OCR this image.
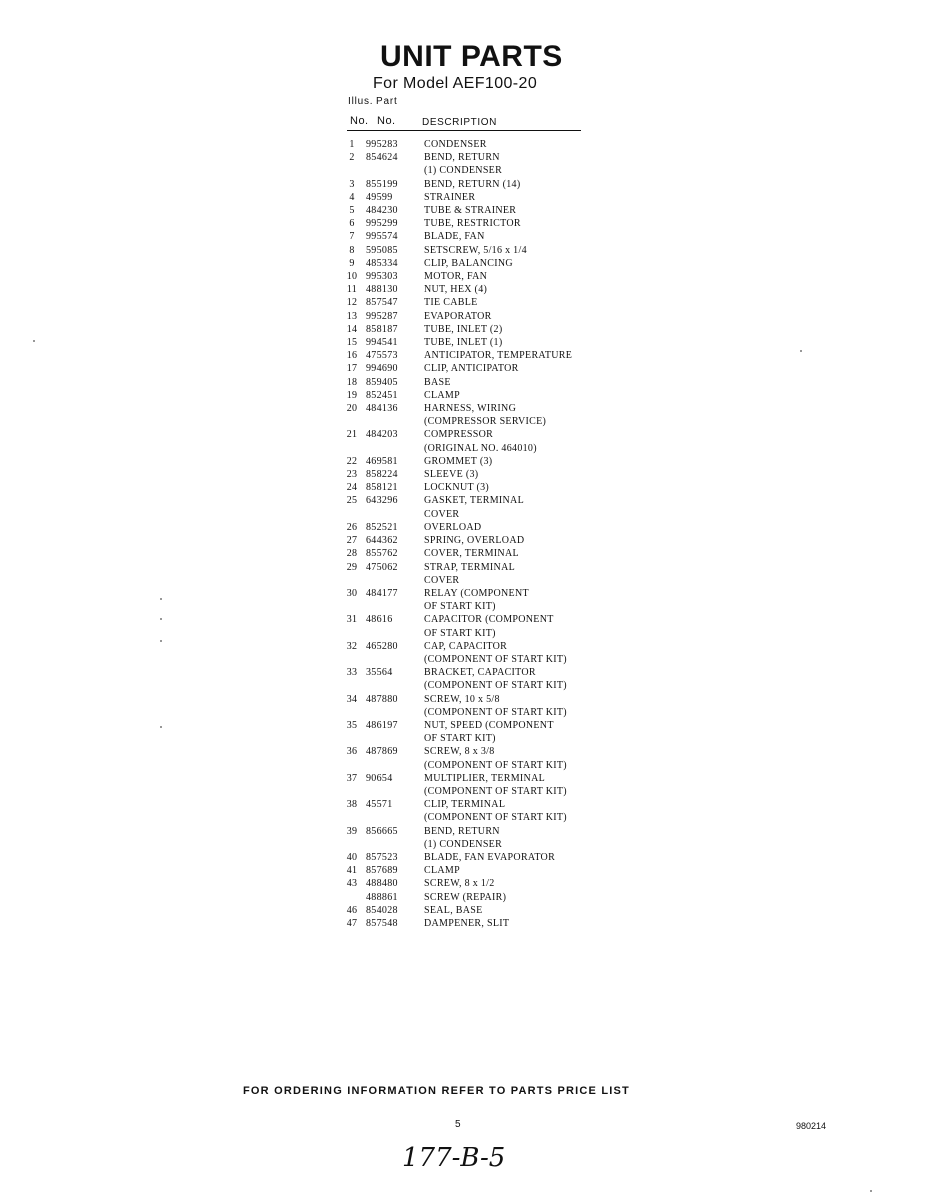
UNIT PARTS
For Model AEF100-20
Illus. Part
No. No.	DESCRIPTION
1	995283	CONDENSER
2	854624	BEND, RETURN
(1) CONDENSER
3	855199	BEND, RETURN (14)
4	49599	STRAINER
5	484230	TUBE & STRAINER
6	995299	TUBE, RESTRICTOR
7	995574	BLADE, FAN
8	595085	SETSCREW, 5/16 x 1/4
9	485334	CLIP, BALANCING
10 995303	MOTOR, FAN
11 488130	NUT, HEX (4)
12 857547	TIE CABLE
13 995287	EVAPORATOR
14 858187	TUBE, INLET (2)
15 994541	TUBE, INLET (1)
16 475573	ANTICIPATOR, TEMPERATURE
17 994690	CLIP, ANTICIPATOR
18 859405	BASE
19 852451	CLAMP
20 484136	HARNESS, WIRING
(COMPRESSOR SERVICE)
21 484203	COMPRESSOR
(ORIGINAL NO. 464010)
22 469581	GROMMET (3)
23 858224	SLEEVE (3)
24 858121	LOCKNUT (3)
25 643296	GASKET, TERMINAL
COVER
26 852521	OVERLOAD
27 644362	SPRING, OVERLOAD
28 855762	COVER, TERMINAL
29 475062	STRAP, TERMINAL
COVER
30 484177	RELAY (COMPONENT
OF START KIT)
31 48616	CAPACITOR (COMPONENT
OF START KIT)
32 465280	CAP, CAPACITOR
(COMPONENT OF START KIT)
33 35564	BRACKET, CAPACITOR
(COMPONENT OF START KIT)
34 487880	SCREW, 10 x 5/8
(COMPONENT OF START KIT)
35 486197	NUT, SPEED (COMPONENT
OF START KIT)
36 487869	SCREW, 8 x 3/8
(COMPONENT OF START KIT)
37 90654	MULTIPLIER, TERMINAL
(COMPONENT OF START KIT)
38 45571	CLIP, TERMINAL
(COMPONENT OF START KIT)
39 856665	BEND, RETURN
(1) CONDENSER
40 857523	BLADE, FAN EVAPORATOR
41 857689	CLAMP
43 488480	SCREW, 8 x 1/2
488861	SCREW (REPAIR)
46 854028	SEAL, BASE
47 857548	DAMPENER, SLIT
FOR ORDERING INFORMATION REFER TO PARTS PRICE LIST
5	980214
177-B-5
